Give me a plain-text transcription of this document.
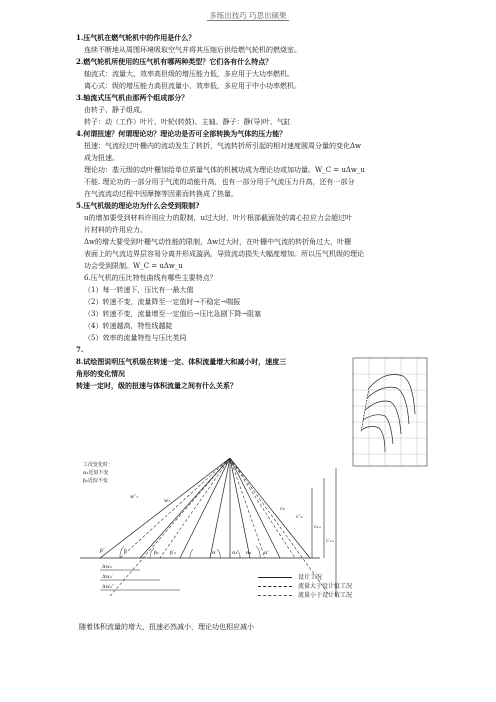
多练出技巧 巧思出硕果
1.压气机在燃气轮机中的作用是什么？
连续不断地从周围环境吸取空气并将其压缩后供给燃气轮机的燃烧室。
2.燃气轮机所使用的压气机有哪两种类型？它们各有什么特点？
轴流式：流量大、效率高但级的增压能力低，多应用于大功率燃机。
离心式：级的增压能力高但流量小、效率低，多应用于中小功率燃机。
3.轴流式压气机由那两个组成部分？
由转子、静子组成。
转子：动（工作）叶片、叶轮(转鼓)、主轴。静子：静(导)叶、气缸
4.何谓扭速？何谓理论功？理论功是否可全部转换为气体的压力能？
扭速：气流经过叶栅内的流动发生了转折，气流转折所引起的相对速度圆周分量的变化Δw
成为扭速。
理论功：基元级的动叶栅加给单位质量气体的机械功成为理论功或加功量。W_C = uΔw_u
不能. 理论功的一部分用于气流的动能升高，也有一部分用于气流压力升高，还有一部分
在气流流动过程中因摩擦等因素而转换成了热量。
5.压气机级的理论功为什么会受到限制?
u的增加要受到材料许用应力的限制，u过大时，叶片根部截面处的离心拉应力会超过叶
片材料的许用应力。
Δw的增大要受到叶栅气动性能的限制，Δw过大时，在叶栅中气流的转折角过大，叶栅
表面上的气流边界层容易分离并形成漩涡，导致流动损失大幅度增加。所以压气机级的理论
功会受到限制。W_C = uΔw_u
6.压气机的压比特性曲线有哪些主要特点？
（1）每一转速下，压比有一最大值
（2）转速不变，流量降至一定值时→不稳定→喘振
（3）转速不变，流量增至一定值后→压比急剧下降→阻塞
（4）转速越高，特性线越陡
（5）效率的流量特性与压比类同
7.
8.试绘图说明压气机级在转速一定、体积流量增大和减小时，速度三
角形的变化情况
转速一定时，级的扭速与体积流量之间有什么关系？
工况变化时：
α₁近似不变
β₂近似不变
β″	β	β₂ β′₂	α′	α₁ α₂	α″
w″₁
w₁
c₂
c″₂
c₁ᵤ
c′₁ᵤ
Δwᵤ
Δwᵤ′
Δwᵤ″
设计工况
流量大于设计值工况
流量小于设计值工况
随着体积流量的增大，扭速必然减小，理论功也相应减小
